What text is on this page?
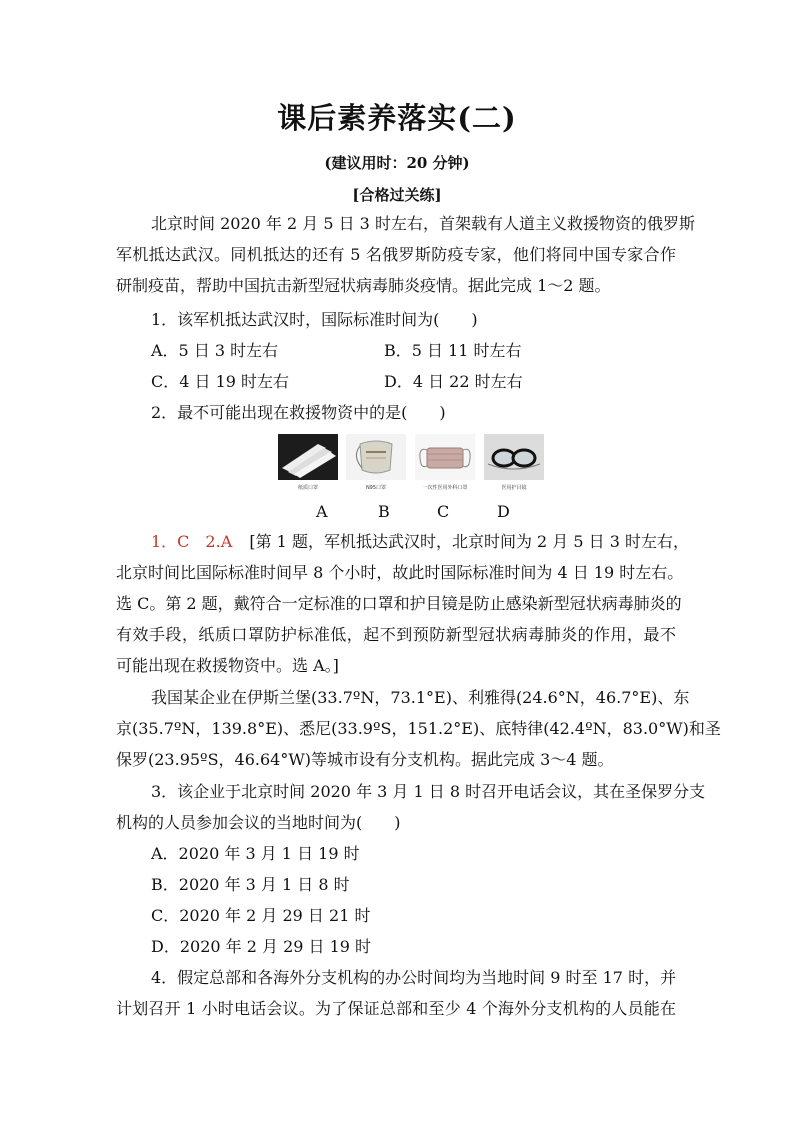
课后素养落实(二)
(建议用时：20 分钟)
[合格过关练]
北京时间 2020 年 2 月 5 日 3 时左右，首架载有人道主义救援物资的俄罗斯
军机抵达武汉。同机抵达的还有 5 名俄罗斯防疫专家，他们将同中国专家合作
研制疫苗，帮助中国抗击新型冠状病毒肺炎疫情。据此完成 1～2 题。
1．该军机抵达武汉时，国际标准时间为(　　)
A．5 日 3 时左右	B．5 日 11 时左右
C．4 日 19 时左右	D．4 日 22 时左右
2．最不可能出现在救援物资中的是(　　)
纸质口罩	N95口罩	一次性医用外科口罩	医用护目镜
A	B	C	D
1．C　2.A [第 1 题，军机抵达武汉时，北京时间为 2 月 5 日 3 时左右，
北京时间比国际标准时间早 8 个小时，故此时国际标准时间为 4 日 19 时左右。
选 C。第 2 题，戴符合一定标准的口罩和护目镜是防止感染新型冠状病毒肺炎的
有效手段，纸质口罩防护标准低，起不到预防新型冠状病毒肺炎的作用，最不
可能出现在救援物资中。选 A。]
我国某企业在伊斯兰堡(33.7ºN，73.1°E)、利雅得(24.6°N，46.7°E)、东
京(35.7ºN，139.8°E)、悉尼(33.9ºS，151.2°E)、底特律(42.4ºN，83.0°W)和圣
保罗(23.95ºS，46.64°W)等城市设有分支机构。据此完成 3～4 题。
3．该企业于北京时间 2020 年 3 月 1 日 8 时召开电话会议，其在圣保罗分支
机构的人员参加会议的当地时间为(　　)
A．2020 年 3 月 1 日 19 时
B．2020 年 3 月 1 日 8 时
C．2020 年 2 月 29 日 21 时
D．2020 年 2 月 29 日 19 时
4．假定总部和各海外分支机构的办公时间均为当地时间 9 时至 17 时，并
计划召开 1 小时电话会议。为了保证总部和至少 4 个海外分支机构的人员能在
